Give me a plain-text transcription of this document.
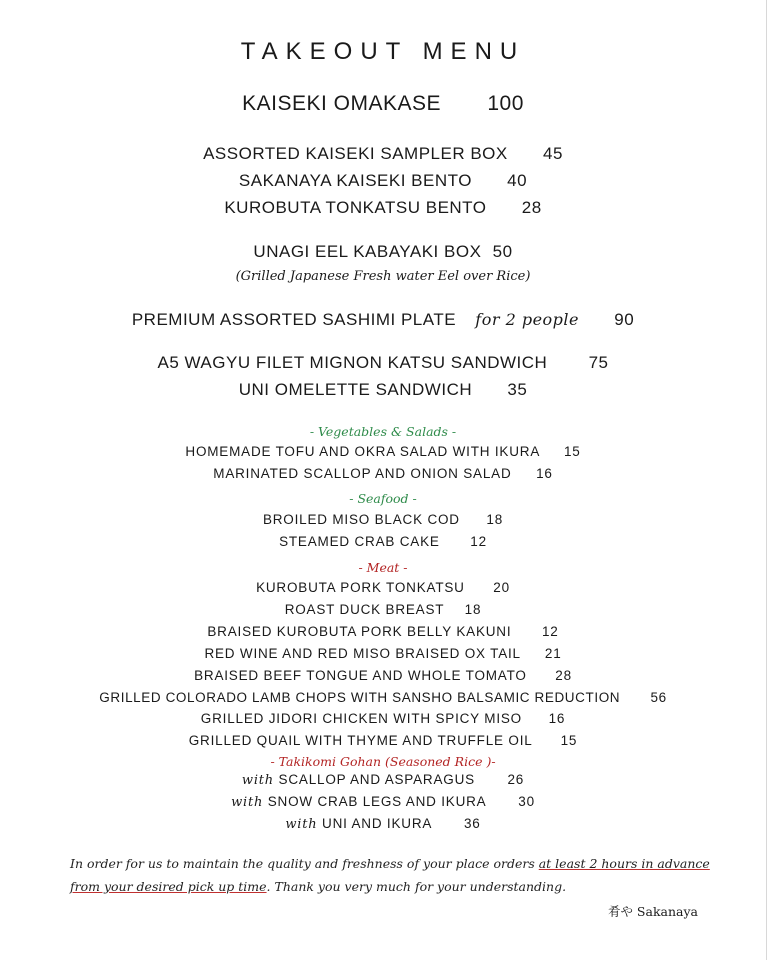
TAKEOUT MENU
KAISEKI OMAKASE 100
ASSORTED KAISEKI SAMPLER BOX 45
SAKANAYA KAISEKI BENTO 40
KUROBUTA TONKATSU BENTO 28
UNAGI EEL KABAYAKI BOX 50
(Grilled Japanese Fresh water Eel over Rice)
PREMIUM ASSORTED SASHIMI PLATE for 2 people 90
A5 WAGYU FILET MIGNON KATSU SANDWICH 75
UNI OMELETTE SANDWICH 35
- Vegetables & Salads -
HOMEMADE TOFU AND OKRA SALAD WITH IKURA 15
MARINATED SCALLOP AND ONION SALAD 16
- Seafood -
BROILED MISO BLACK COD 18
STEAMED CRAB CAKE 12
- Meat -
KUROBUTA PORK TONKATSU 20
ROAST DUCK BREAST 18
BRAISED KUROBUTA PORK BELLY KAKUNI 12
RED WINE AND RED MISO BRAISED OX TAIL 21
BRAISED BEEF TONGUE AND WHOLE TOMATO 28
GRILLED COLORADO LAMB CHOPS WITH SANSHO BALSAMIC REDUCTION 56
GRILLED JIDORI CHICKEN WITH SPICY MISO 16
GRILLED QUAIL WITH THYME AND TRUFFLE OIL 15
- Takikomi Gohan (Seasoned Rice )-
with SCALLOP AND ASPARAGUS 26
with SNOW CRAB LEGS AND IKURA 30
with UNI AND IKURA 36
In order for us to maintain the quality and freshness of your place orders at least 2 hours in advance from your desired pick up time. Thank you very much for your understanding.
肴や Sakanaya
